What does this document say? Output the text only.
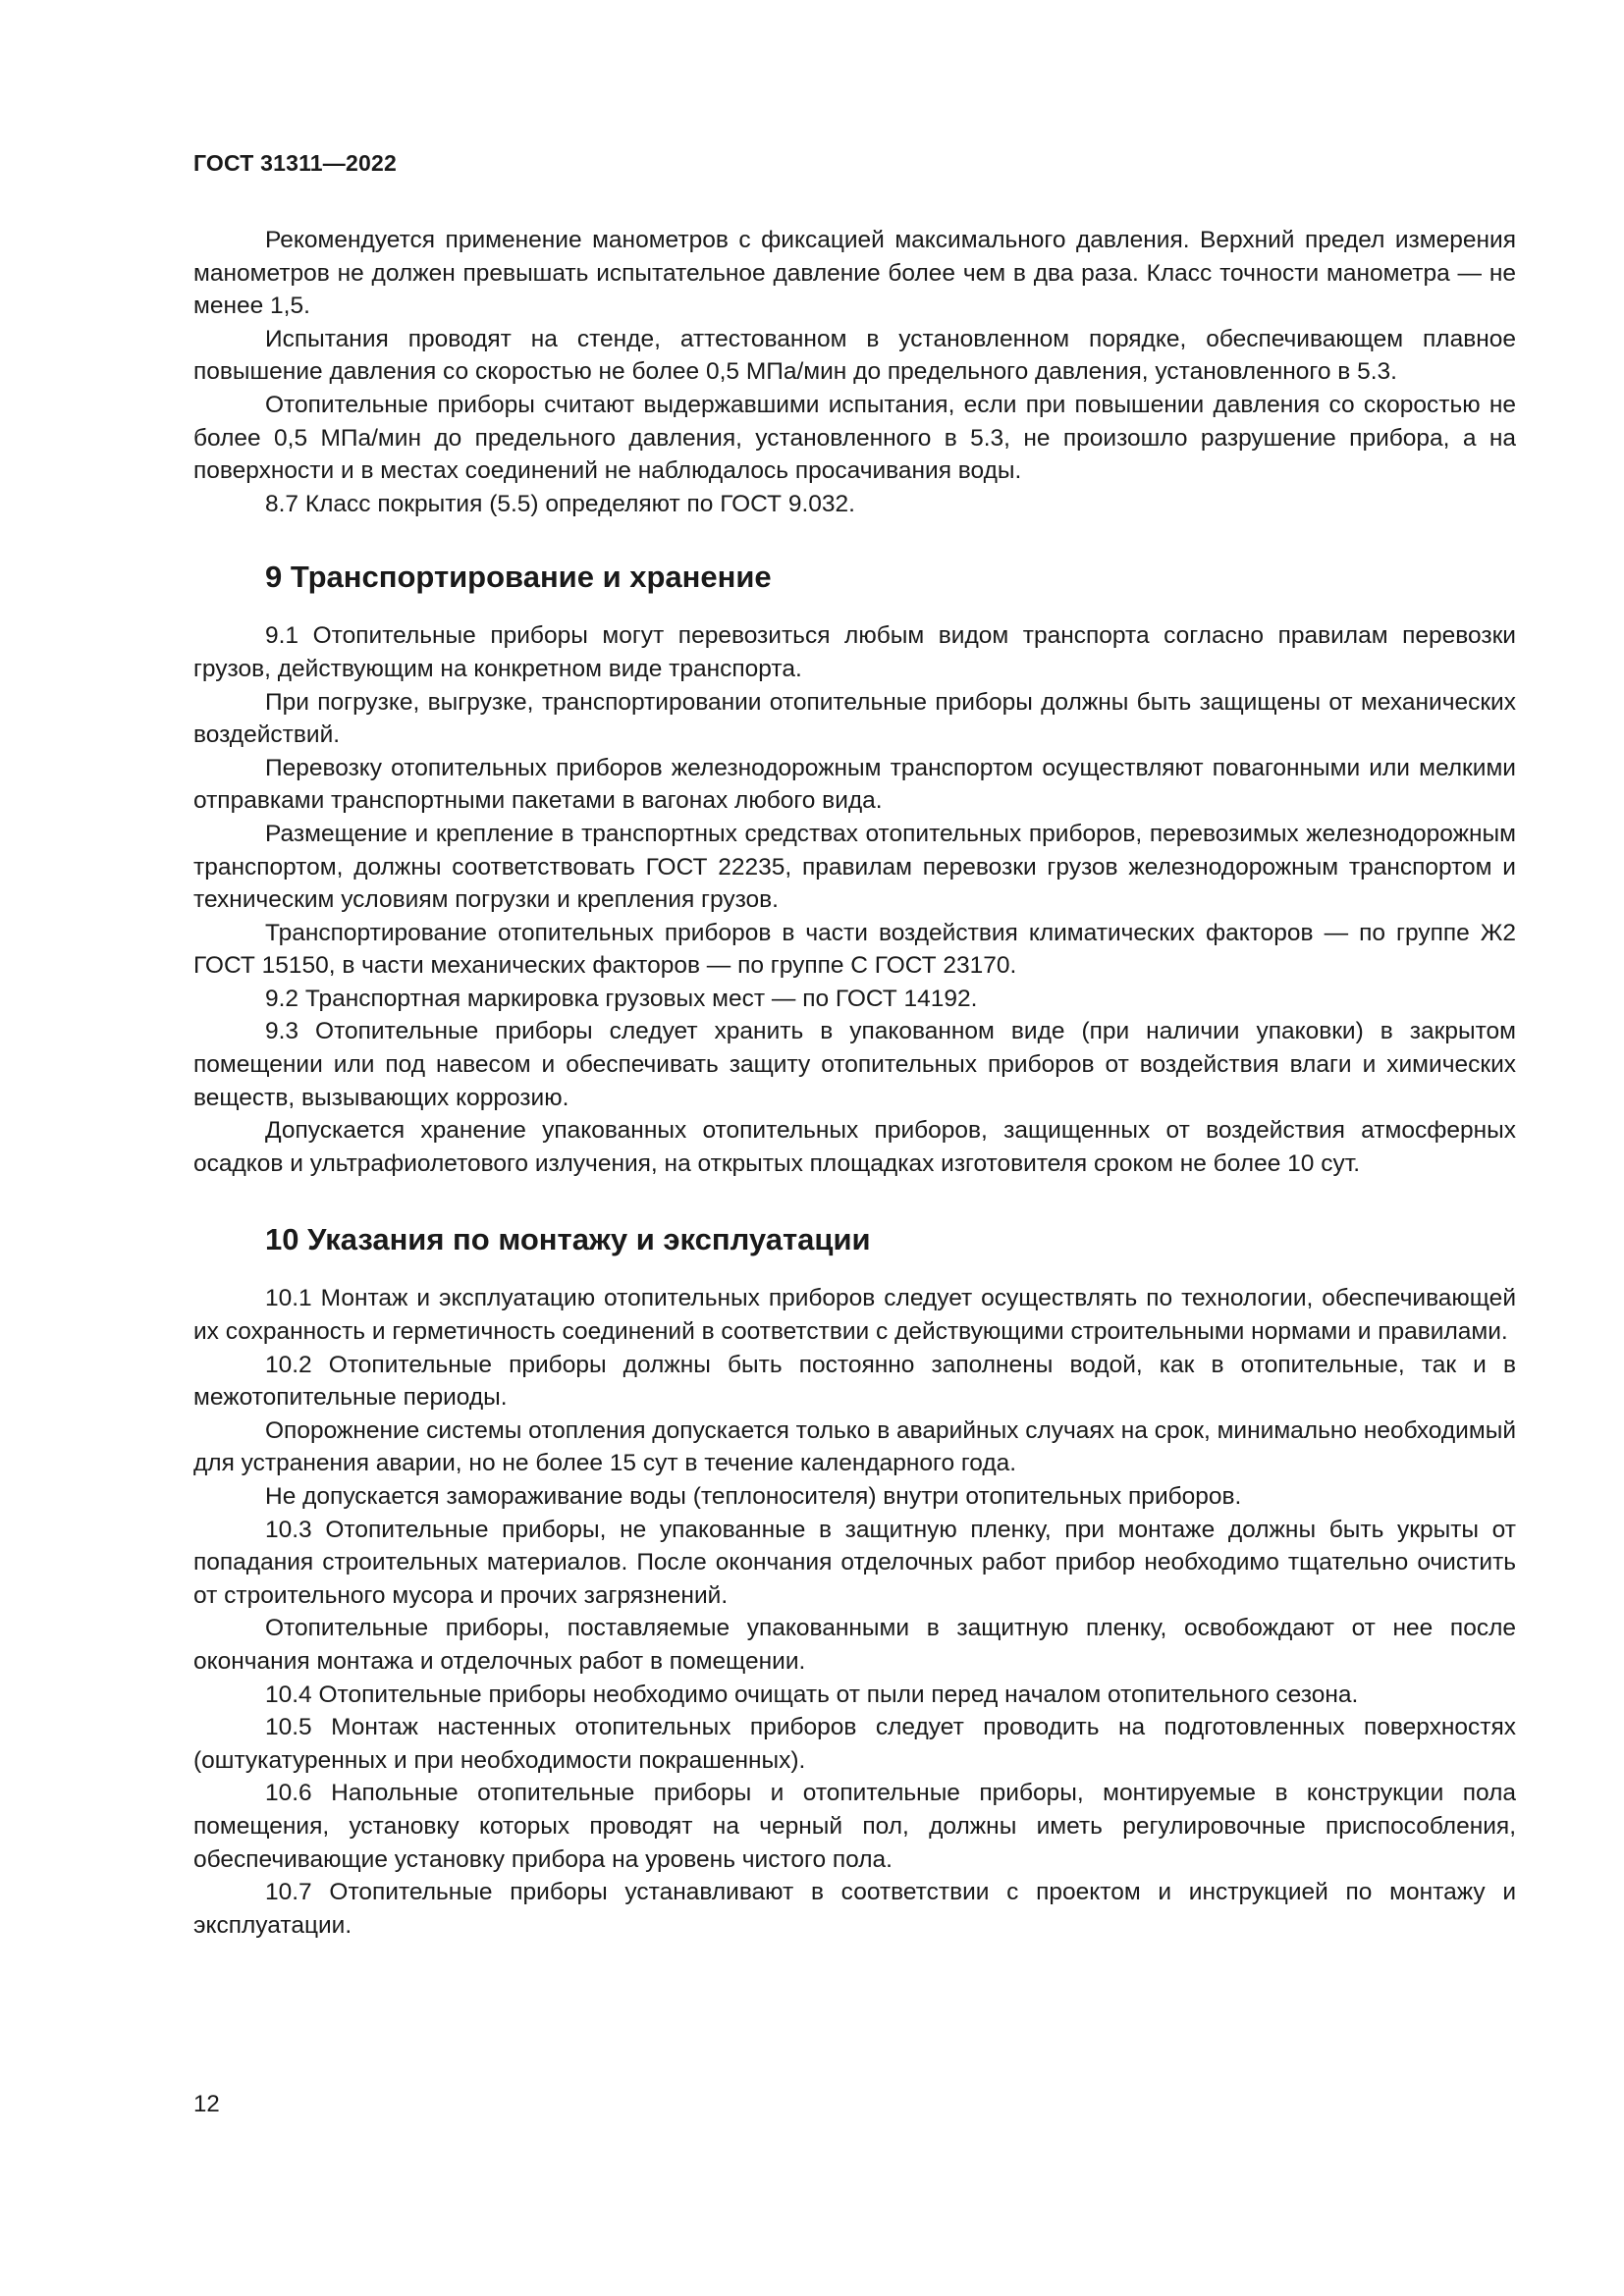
ГОСТ 31311—2022

Рекомендуется применение манометров с фиксацией максимального давления. Верхний предел измерения манометров не должен превышать испытательное давление более чем в два раза. Класс точности манометра — не менее 1,5.

Испытания проводят на стенде, аттестованном в установленном порядке, обеспечивающем плавное повышение давления со скоростью не более 0,5 МПа/мин до предельного давления, установленного в 5.3.

Отопительные приборы считают выдержавшими испытания, если при повышении давления со скоростью не более 0,5 МПа/мин до предельного давления, установленного в 5.3, не произошло разрушение прибора, а на поверхности и в местах соединений не наблюдалось просачивания воды.

8.7 Класс покрытия (5.5) определяют по ГОСТ 9.032.

9 Транспортирование и хранение

9.1 Отопительные приборы могут перевозиться любым видом транспорта согласно правилам перевозки грузов, действующим на конкретном виде транспорта.

При погрузке, выгрузке, транспортировании отопительные приборы должны быть защищены от механических воздействий.

Перевозку отопительных приборов железнодорожным транспортом осуществляют повагонными или мелкими отправками транспортными пакетами в вагонах любого вида.

Размещение и крепление в транспортных средствах отопительных приборов, перевозимых железнодорожным транспортом, должны соответствовать ГОСТ 22235, правилам перевозки грузов железнодорожным транспортом и техническим условиям погрузки и крепления грузов.

Транспортирование отопительных приборов в части воздействия климатических факторов — по группе Ж2 ГОСТ 15150, в части механических факторов — по группе С ГОСТ 23170.

9.2 Транспортная маркировка грузовых мест — по ГОСТ 14192.

9.3 Отопительные приборы следует хранить в упакованном виде (при наличии упаковки) в закрытом помещении или под навесом и обеспечивать защиту отопительных приборов от воздействия влаги и химических веществ, вызывающих коррозию.

Допускается хранение упакованных отопительных приборов, защищенных от воздействия атмосферных осадков и ультрафиолетового излучения, на открытых площадках изготовителя сроком не более 10 сут.

10 Указания по монтажу и эксплуатации

10.1 Монтаж и эксплуатацию отопительных приборов следует осуществлять по технологии, обеспечивающей их сохранность и герметичность соединений в соответствии с действующими строительными нормами и правилами.

10.2 Отопительные приборы должны быть постоянно заполнены водой, как в отопительные, так и в межотопительные периоды.

Опорожнение системы отопления допускается только в аварийных случаях на срок, минимально необходимый для устранения аварии, но не более 15 сут в течение календарного года.

Не допускается замораживание воды (теплоносителя) внутри отопительных приборов.

10.3 Отопительные приборы, не упакованные в защитную пленку, при монтаже должны быть укрыты от попадания строительных материалов. После окончания отделочных работ прибор необходимо тщательно очистить от строительного мусора и прочих загрязнений.

Отопительные приборы, поставляемые упакованными в защитную пленку, освобождают от нее после окончания монтажа и отделочных работ в помещении.

10.4 Отопительные приборы необходимо очищать от пыли перед началом отопительного сезона.

10.5 Монтаж настенных отопительных приборов следует проводить на подготовленных поверхностях (оштукатуренных и при необходимости покрашенных).

10.6 Напольные отопительные приборы и отопительные приборы, монтируемые в конструкции пола помещения, установку которых проводят на черный пол, должны иметь регулировочные приспособления, обеспечивающие установку прибора на уровень чистого пола.

10.7 Отопительные приборы устанавливают в соответствии с проектом и инструкцией по монтажу и эксплуатации.

12
